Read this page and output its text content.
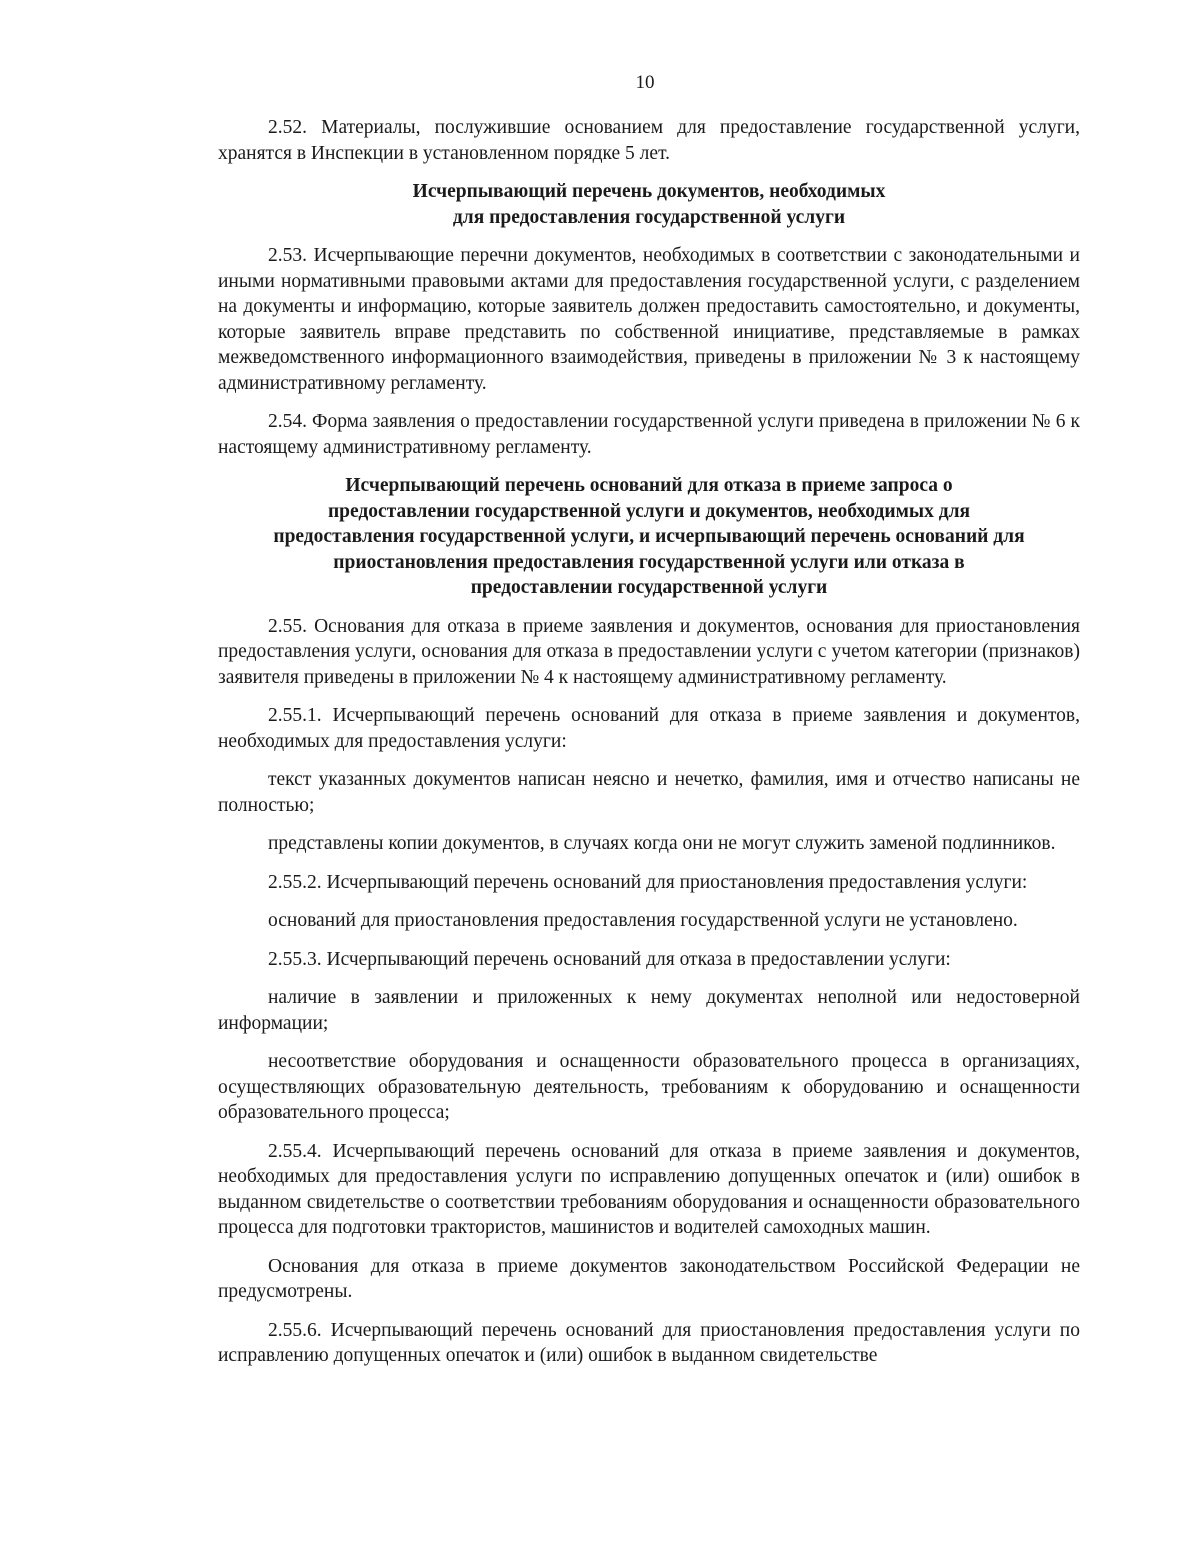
10

2.52. Материалы, послужившие основанием для предоставление государственной услуги, хранятся в Инспекции в установленном порядке 5 лет.

Исчерпывающий перечень документов, необходимых
для предоставления государственной услуги

2.53. Исчерпывающие перечни документов, необходимых в соответствии с законодательными и иными нормативными правовыми актами для предоставления государственной услуги, с разделением на документы и информацию, которые заявитель должен предоставить самостоятельно, и документы, которые заявитель вправе представить по собственной инициативе, представляемые в рамках межведомственного информационного взаимодействия, приведены в приложении № 3 к настоящему административному регламенту.

2.54. Форма заявления о предоставлении государственной услуги приведена в приложении № 6 к настоящему административному регламенту.

Исчерпывающий перечень оснований для отказа в приеме запроса о
предоставлении государственной услуги и документов, необходимых для
предоставления государственной услуги, и исчерпывающий перечень оснований для
приостановления предоставления государственной услуги или отказа в
предоставлении государственной услуги

2.55. Основания для отказа в приеме заявления и документов, основания для приостановления предоставления услуги, основания для отказа в предоставлении услуги с учетом категории (признаков) заявителя приведены в приложении № 4 к настоящему административному регламенту.

2.55.1. Исчерпывающий перечень оснований для отказа в приеме заявления и документов, необходимых для предоставления услуги:

текст указанных документов написан неясно и нечетко, фамилия, имя и отчество написаны не полностью;

представлены копии документов, в случаях когда они не могут служить заменой подлинников.

2.55.2. Исчерпывающий перечень оснований для приостановления предоставления услуги:

оснований для приостановления предоставления государственной услуги не установлено.

2.55.3. Исчерпывающий перечень оснований для отказа в предоставлении услуги:

наличие в заявлении и приложенных к нему документах неполной или недостоверной информации;

несоответствие оборудования и оснащенности образовательного процесса в организациях, осуществляющих образовательную деятельность, требованиям к оборудованию и оснащенности образовательного процесса;

2.55.4. Исчерпывающий перечень оснований для отказа в приеме заявления и документов, необходимых для предоставления услуги по исправлению допущенных опечаток и (или) ошибок в выданном свидетельстве о соответствии требованиям оборудования и оснащенности образовательного процесса для подготовки трактористов, машинистов и водителей самоходных машин.

Основания для отказа в приеме документов законодательством Российской Федерации не предусмотрены.

2.55.6. Исчерпывающий перечень оснований для приостановления предоставления услуги по исправлению допущенных опечаток и (или) ошибок в выданном свидетельстве
